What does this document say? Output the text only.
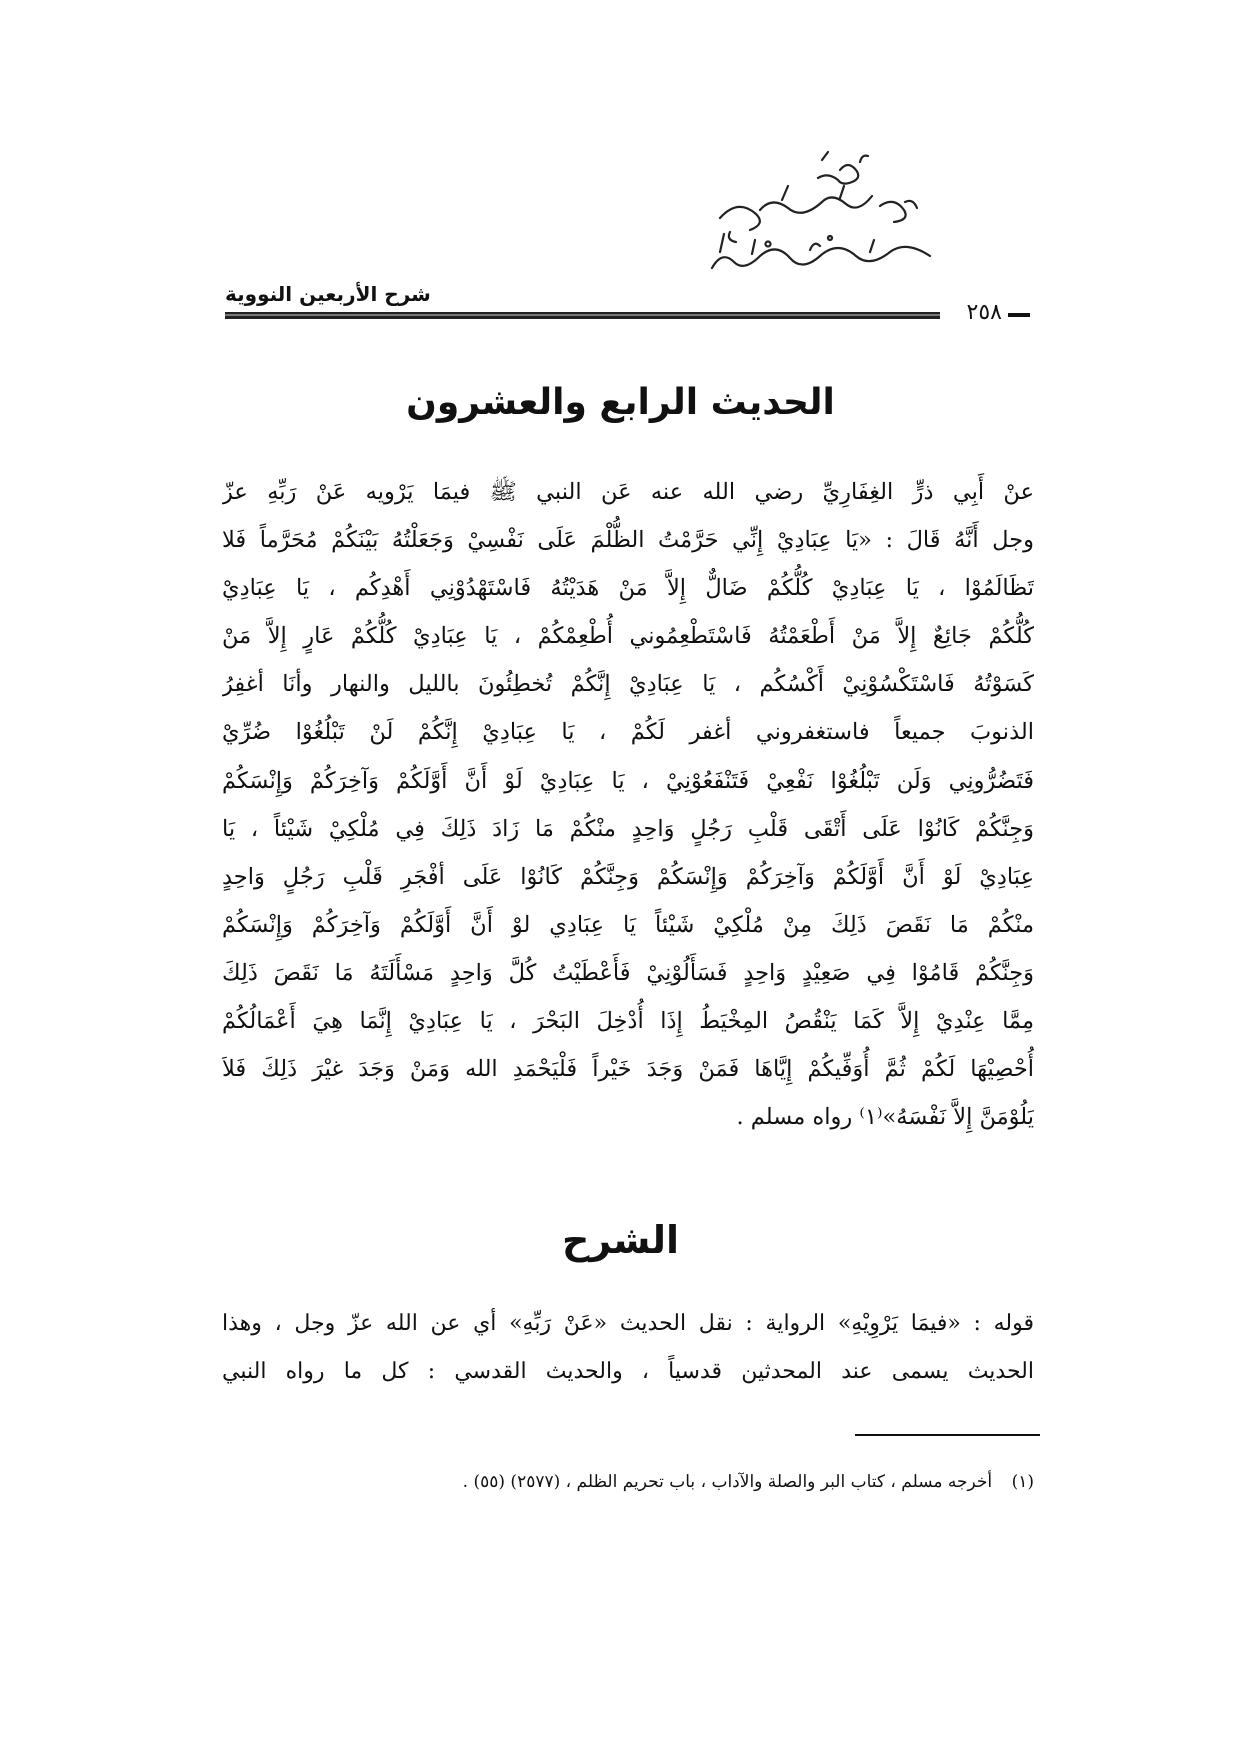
شرح الأربعين النووية
٢٥٨
الحديث الرابع والعشرون
عنْ أَبِي ذرٍّ الغِفَارِيِّ رضي الله عنه عَن النبي ﷺ فيمَا يَرْويه عَنْ رَبِّهِ عزّ
وجل أَنَّهُ قَالَ : «يَا عِبَادِيْ إِنِّي حَرَّمْتُ الظُّلْمَ عَلَى نَفْسِيْ وَجَعَلْتُهُ بَيْنَكُمْ مُحَرَّماً فَلا
تَظَالَمُوْا ، يَا عِبَادِيْ كُلُّكُمْ ضَالٌّ إِلاَّ مَنْ هَدَيْتُهُ فَاسْتَهْدُوْنِي أَهْدِكُم ، يَا عِبَادِيْ
كُلُّكُمْ جَائِعٌ إِلاَّ مَنْ أَطْعَمْتُهُ فَاسْتَطْعِمُوني أُطْعِمْكُمْ ، يَا عِبَادِيْ كُلُّكُمْ عَارٍ إِلاَّ مَنْ
كَسَوْتُهُ فَاسْتَكْسُوْنِيْ أَكْسُكُم ، يَا عِبَادِيْ إِنَّكُمْ تُخطِئُونَ بالليل والنهار وأنَا أغفِرُ
الذنوبَ جميعاً فاستغفروني أغفر لَكُمْ ، يَا عِبَادِيْ إِنَّكُمْ لَنْ تَبْلُغُوْا ضُرِّيْ
فَتَضُرُّونِي وَلَن تَبْلُغُوْا نَفْعِيْ فَتَنْفَعُوْنِيْ ، يَا عِبَادِيْ لَوْ أَنَّ أَوَّلَكُمْ وَآخِرَكُمْ وَإِنْسَكُمْ
وَجِنَّكُمْ كَانُوْا عَلَى أَتْقَى قَلْبِ رَجُلٍ وَاحِدٍ منْكُمْ مَا زَادَ ذَلِكَ فِي مُلْكِيْ شَيْئاً ، يَا
عِبَادِيْ لَوْ أَنَّ أَوَّلَكُمْ وَآخِرَكُمْ وَإِنْسَكُمْ وَجِنَّكُمْ كَانُوْا عَلَى أفْجَرِ قَلْبِ رَجُلٍ وَاحِدٍ
منْكُمْ مَا نَقَصَ ذَلِكَ مِنْ مُلْكِيْ شَيْئاً يَا عِبَادِي لوْ أَنَّ أَوَّلَكُمْ وَآخِرَكُمْ وَإِنْسَكُمْ
وَجِنَّكُمْ قَامُوْا فِي صَعِيْدٍ وَاحِدٍ فَسَأَلُوْنِيْ فَأَعْطَيْتُ كُلَّ وَاحِدٍ مَسْأَلَتَهُ مَا نَقَصَ ذَلِكَ
مِمَّا عِنْدِيْ إِلاَّ كَمَا يَنْقُصُ المِخْيَطُ إِذَا أُدْخِلَ البَحْرَ ، يَا عِبَادِيْ إِنَّمَا هِيَ أَعْمَالُكُمْ
أُحْصِيْهَا لَكُمْ ثُمَّ أُوَفِّيكُمْ إِيَّاهَا فَمَنْ وَجَدَ خَيْراً فَلْيَحْمَدِ الله وَمَنْ وَجَدَ غيْرَ ذَلِكَ فَلاَ
يَلُوْمَنَّ إِلاَّ نَفْسَهُ»⁽١⁾ رواه مسلم .
الشرح
قوله : «فيمَا يَرْوِيْهِ» الرواية : نقل الحديث «عَنْ رَبِّهِ» أي عن الله عزّ وجل ، وهذا
الحديث يسمى عند المحدثين قدسياً ، والحديث القدسي : كل ما رواه النبي
(١) أخرجه مسلم ، كتاب البر والصلة والآداب ، باب تحريم الظلم ، (٢٥٧٧) (٥٥) .
